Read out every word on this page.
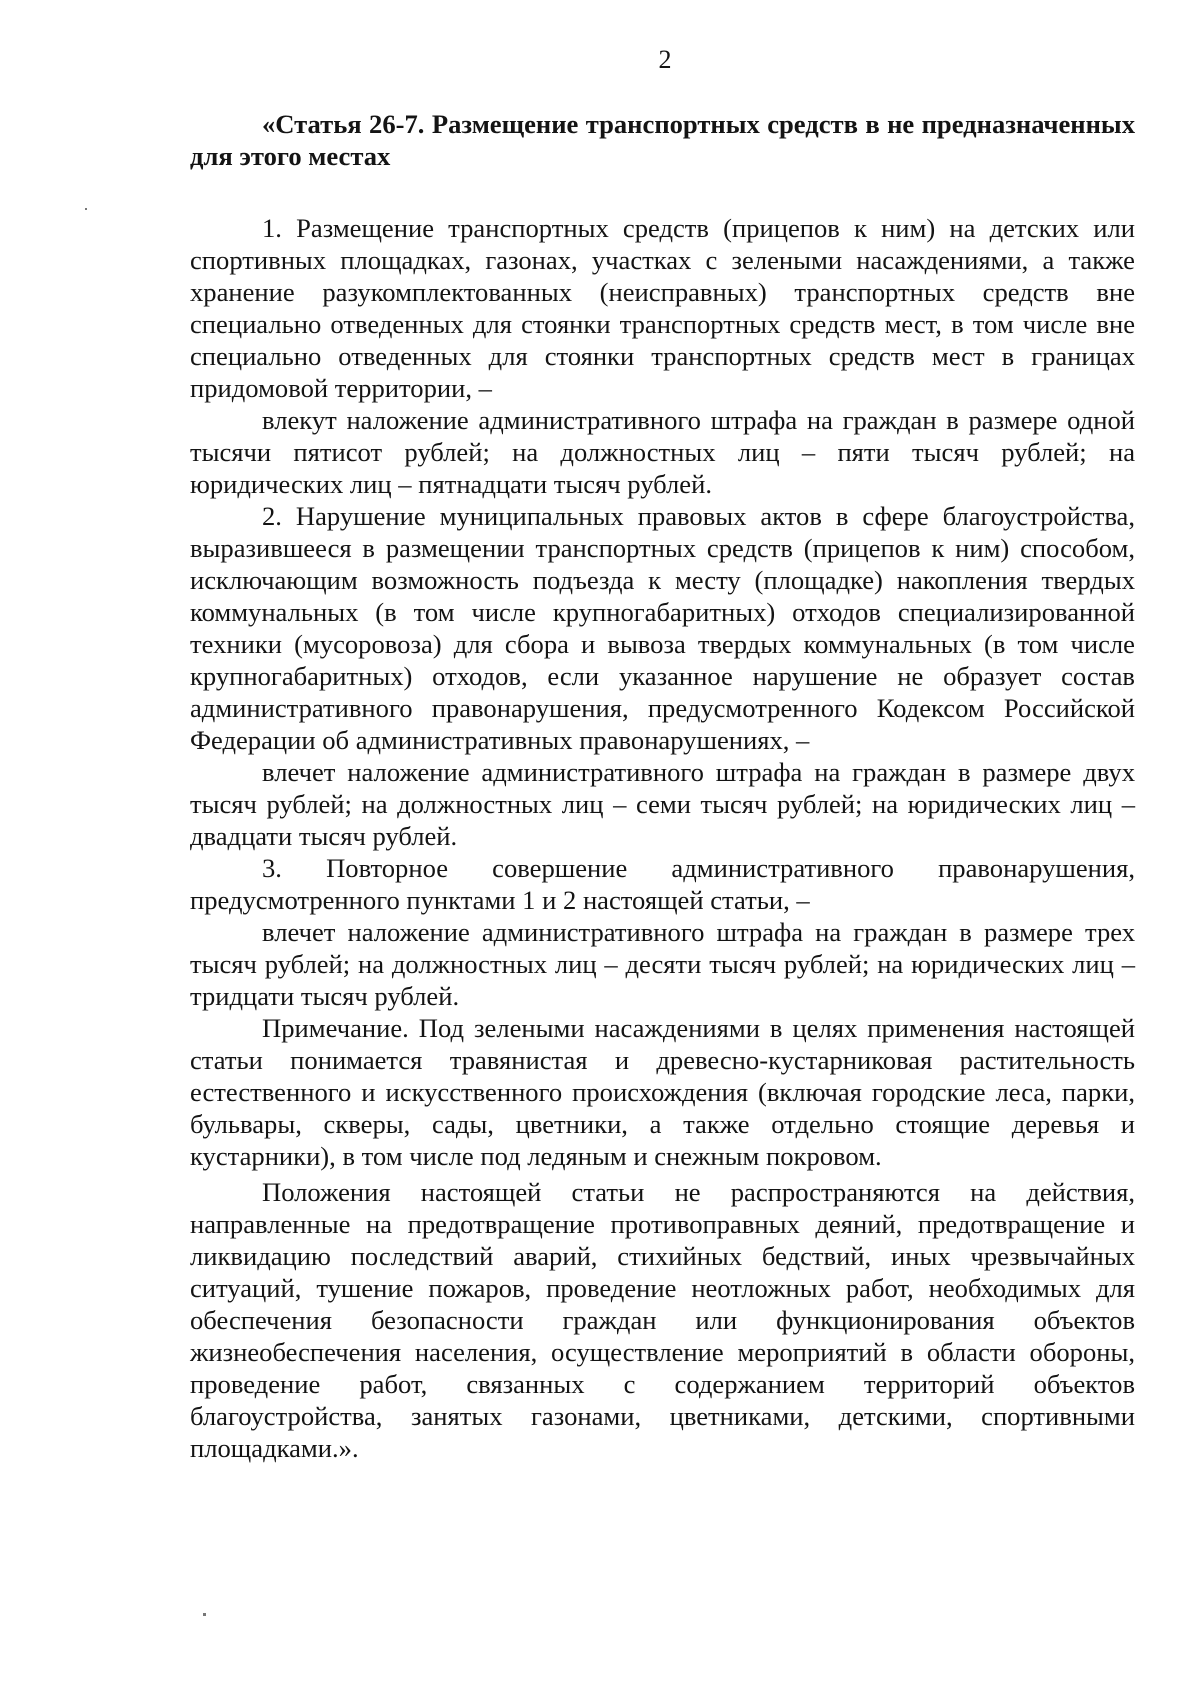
2

«Статья 26-7. Размещение транспортных средств в не предназначенных для этого местах

1. Размещение транспортных средств (прицепов к ним) на детских или спортивных площадках, газонах, участках с зелеными насаждениями, а также хранение разукомплектованных (неисправных) транспортных средств вне специально отведенных для стоянки транспортных средств мест, в том числе вне специально отведенных для стоянки транспортных средств мест в границах придомовой территории, –

влекут наложение административного штрафа на граждан в размере одной тысячи пятисот рублей; на должностных лиц – пяти тысяч рублей; на юридических лиц – пятнадцати тысяч рублей.

2. Нарушение муниципальных правовых актов в сфере благоустройства, выразившееся в размещении транспортных средств (прицепов к ним) способом, исключающим возможность подъезда к месту (площадке) накопления твердых коммунальных (в том числе крупногабаритных) отходов специализированной техники (мусоровоза) для сбора и вывоза твердых коммунальных (в том числе крупногабаритных) отходов, если указанное нарушение не образует состав административного правонарушения, предусмотренного Кодексом Российской Федерации об административных правонарушениях, –

влечет наложение административного штрафа на граждан в размере двух тысяч рублей; на должностных лиц – семи тысяч рублей; на юридических лиц – двадцати тысяч рублей.

3. Повторное совершение административного правонарушения, предусмотренного пунктами 1 и 2 настоящей статьи, –

влечет наложение административного штрафа на граждан в размере трех тысяч рублей; на должностных лиц – десяти тысяч рублей; на юридических лиц – тридцати тысяч рублей.

Примечание. Под зелеными насаждениями в целях применения настоящей статьи понимается травянистая и древесно-кустарниковая растительность естественного и искусственного происхождения (включая городские леса, парки, бульвары, скверы, сады, цветники, а также отдельно стоящие деревья и кустарники), в том числе под ледяным и снежным покровом.

Положения настоящей статьи не распространяются на действия, направленные на предотвращение противоправных деяний, предотвращение и ликвидацию последствий аварий, стихийных бедствий, иных чрезвычайных ситуаций, тушение пожаров, проведение неотложных работ, необходимых для обеспечения безопасности граждан или функционирования объектов жизнеобеспечения населения, осуществление мероприятий в области обороны, проведение работ, связанных с содержанием территорий объектов благоустройства, занятых газонами, цветниками, детскими, спортивными площадками.».
